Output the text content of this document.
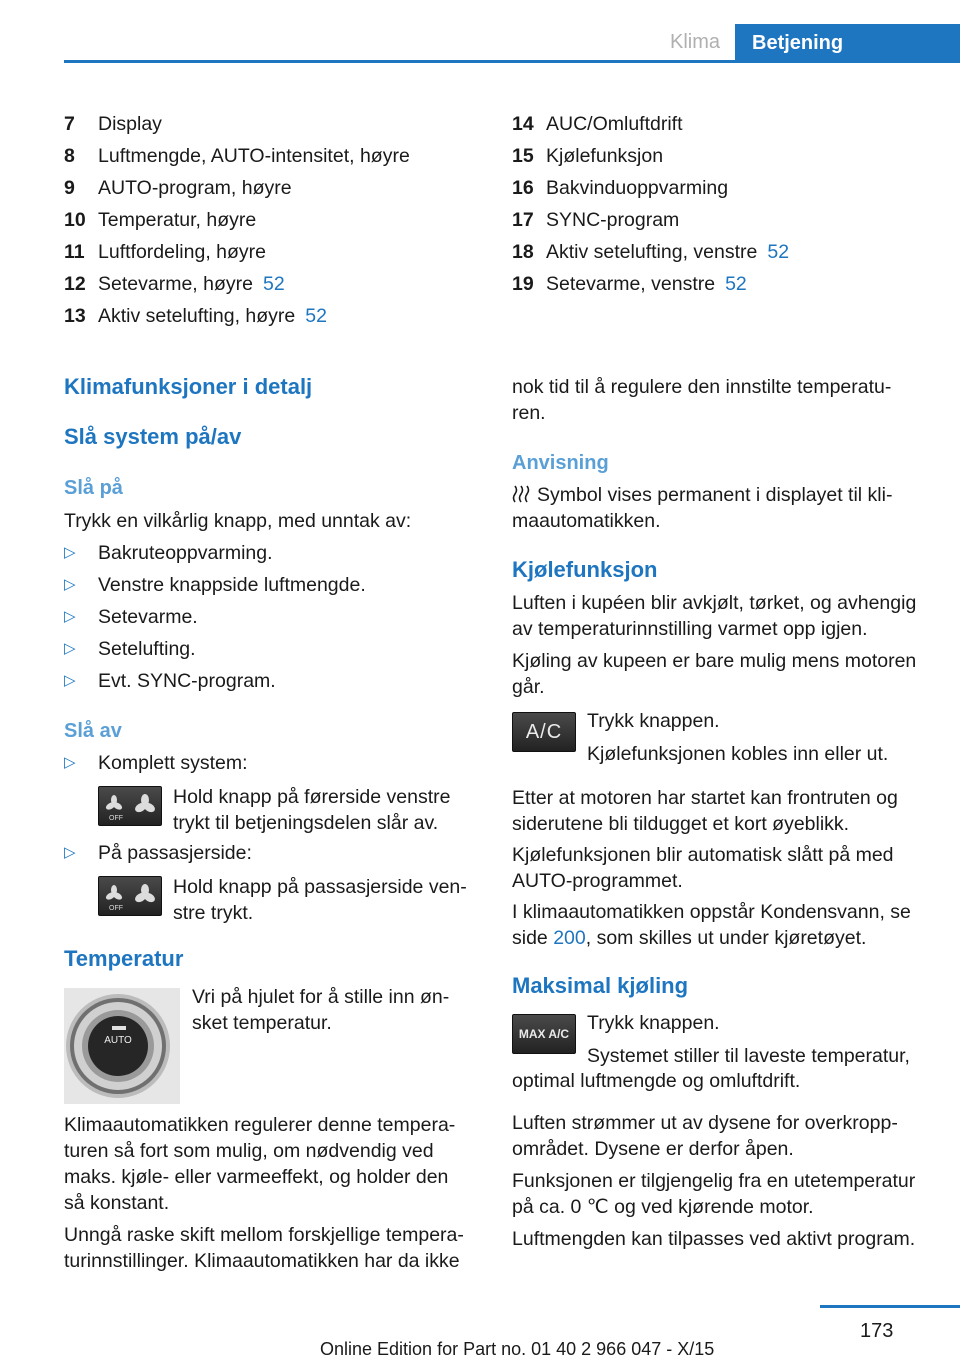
Klima	Betjening
7 Display
8 Luftmengde, AUTO-intensitet, høyre
9 AUTO-program, høyre
10 Temperatur, høyre
11 Luftfordeling, høyre
12 Setevarme, høyre 52
13 Aktiv setelufting, høyre 52
14 AUC/Omluftdrift
15 Kjølefunksjon
16 Bakvinduoppvarming
17 SYNC-program
18 Aktiv setelufting, venstre 52
19 Setevarme, venstre 52
Klimafunksjoner i detalj
Slå system på/av
Slå på
Trykk en vilkårlig knapp, med unntak av:
▷ Bakruteoppvarming.
▷ Venstre knappside luftmengde.
▷ Setevarme.
▷ Setelufting.
▷ Evt. SYNC-program.
Slå av
▷ Komplett system:
OFF
Hold knapp på førerside venstre
trykt til betjeningsdelen slår av.
▷ På passasjerside:
OFF
Hold knapp på passasjerside ven-
stre trykt.
Temperatur
AUTO
Vri på hjulet for å stille inn øn-
sket temperatur.
Klimaautomatikken regulerer denne tempera-
turen så fort som mulig, om nødvendig ved
maks. kjøle- eller varmeeffekt, og holder den
så konstant.
Unngå raske skift mellom forskjellige tempera-
turinnstillinger. Klimaautomatikken har da ikke
nok tid til å regulere den innstilte temperatu-
ren.
Anvisning
Symbol vises permanent i displayet til kli-
maautomatikken.
Kjølefunksjon
Luften i kupéen blir avkjølt, tørket, og avhengig
av temperaturinnstilling varmet opp igjen.
Kjøling av kupeen er bare mulig mens motoren
går.
A/C	Trykk knappen.
Kjølefunksjonen kobles inn eller ut.
Etter at motoren har startet kan frontruten og
siderutene bli tildugget et kort øyeblikk.
Kjølefunksjonen blir automatisk slått på med
AUTO-programmet.
I klimaautomatikken oppstår Kondensvann, se
side 200, som skilles ut under kjøretøyet.
Maksimal kjøling
MAX A/C Trykk knappen.
Systemet stiller til laveste temperatur,
optimal luftmengde og omluftdrift.
Luften strømmer ut av dysene for overkropp-
området. Dysene er derfor åpen.
Funksjonen er tilgjengelig fra en utetemperatur
på ca. 0 ℃ og ved kjørende motor.
Luftmengden kan tilpasses ved aktivt program.
173
Online Edition for Part no. 01 40 2 966 047 - X/15
